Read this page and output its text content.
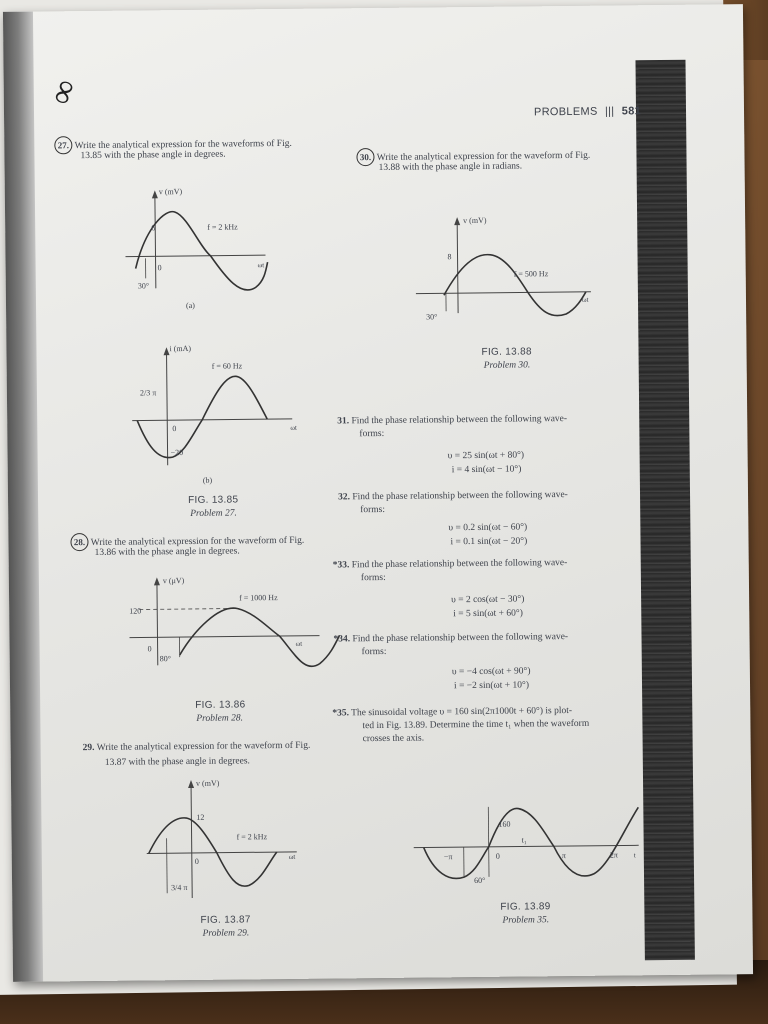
∞
PROBLEMS ||| 581
27. Write the analytical expression for the waveforms of Fig.
13.85 with the phase angle in degrees.
v (mV)
f = 2 kHz
6
0	ωt
30°
(a)
i (mA)
f = 60 Hz
2/3 π
0	ωt
−20
(b)
FIG. 13.85
Problem 27.
28. Write the analytical expression for the waveform of Fig.
13.86 with the phase angle in degrees.
v (μV)
f = 1000 Hz
120
0
ωt
80°
FIG. 13.86
Problem 28.
29. Write the analytical expression for the waveform of Fig.
13.87 with the phase angle in degrees.
v (mV)
12
f = 2 kHz
0	ωt
3/4 π
FIG. 13.87
Problem 29.
30. Write the analytical expression for the waveform of Fig.
13.88 with the phase angle in radians.
v (mV)
8
f = 500 Hz
ωt
30°
FIG. 13.88
Problem 30.
31. Find the phase relationship between the following wave-
forms:
υ = 25 sin(ωt + 80°)
i = 4 sin(ωt − 10°)
32. Find the phase relationship between the following wave-
forms:
υ = 0.2 sin(ωt − 60°)
i = 0.1 sin(ωt − 20°)
*33. Find the phase relationship between the following wave-
forms:
υ = 2 cos(ωt − 30°)
i = 5 sin(ωt + 60°)
*34. Find the phase relationship between the following wave-
forms:
υ = −4 cos(ωt + 90°)
i = −2 sin(ωt + 10°)
*35. The sinusoidal voltage υ = 160 sin(2π1000t + 60°) is plot-
ted in Fig. 13.89. Determine the time t₁ when the waveform
crosses the axis.
160
−π	0
t₁
π	2π t
60°
FIG. 13.89
Problem 35.
